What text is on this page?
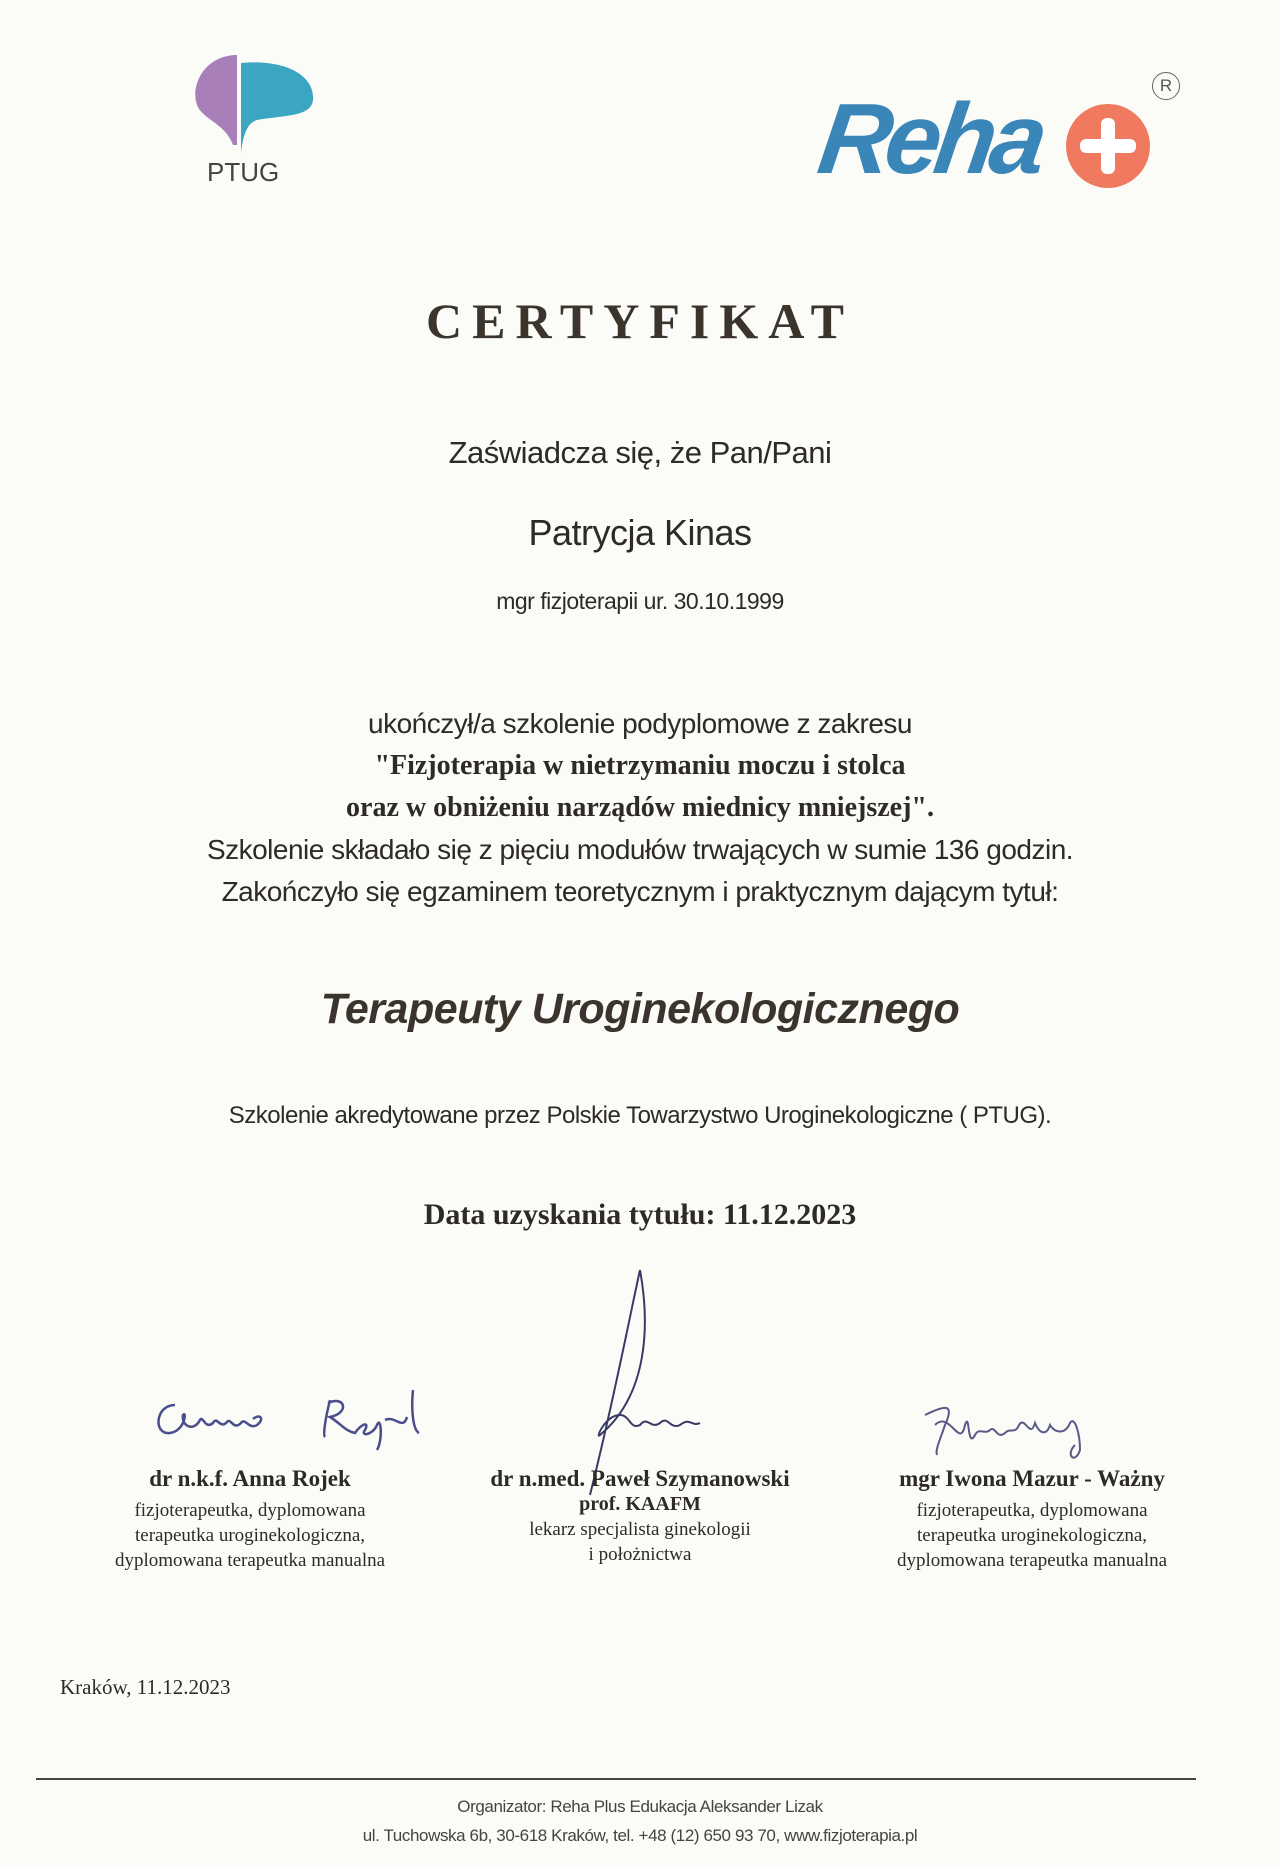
PTUG	Reha	R
CERTYFIKAT
Zaświadcza się, że Pan/Pani
Patrycja Kinas
mgr fizjoterapii ur. 30.10.1999
ukończył/a szkolenie podyplomowe z zakresu
"Fizjoterapia w nietrzymaniu moczu i stolca
oraz w obniżeniu narządów miednicy mniejszej".
Szkolenie składało się z pięciu modułów trwających w sumie 136 godzin.
Zakończyło się egzaminem teoretycznym i praktycznym dającym tytuł:
Terapeuty Uroginekologicznego
Szkolenie akredytowane przez Polskie Towarzystwo Uroginekologiczne ( PTUG).
Data uzyskania tytułu: 11.12.2023
dr n.k.f. Anna Rojek
fizjoterapeutka, dyplomowana
terapeutka uroginekologiczna,
dyplomowana terapeutka manualna
dr n.med. Paweł Szymanowski
prof. KAAFM
lekarz specjalista ginekologii
i położnictwa
mgr Iwona Mazur - Ważny
fizjoterapeutka, dyplomowana
terapeutka uroginekologiczna,
dyplomowana terapeutka manualna
Kraków, 11.12.2023
Organizator: Reha Plus Edukacja Aleksander Lizak
ul. Tuchowska 6b, 30-618 Kraków, tel. +48 (12) 650 93 70, www.fizjoterapia.pl
